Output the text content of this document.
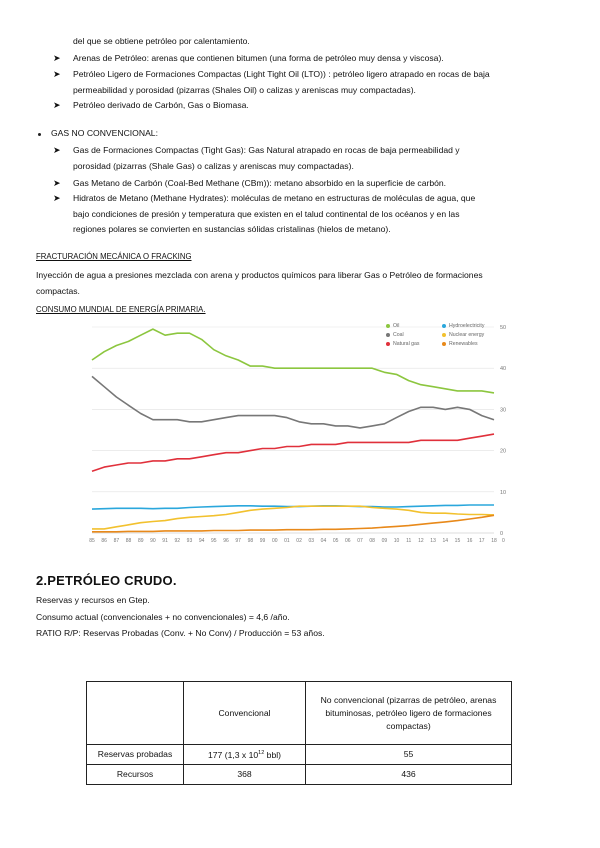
del que se obtiene petróleo por calentamiento.
➤ Arenas de Petróleo: arenas que contienen bitumen (una forma de petróleo muy densa y viscosa).
➤ Petróleo Ligero de Formaciones Compactas (Light Tight Oil (LTO)) : petróleo ligero atrapado en rocas de baja
permeabilidad y porosidad (pizarras (Shales Oil) o calizas y areniscas muy compactadas).
➤ Petróleo derivado de Carbón, Gas o Biomasa.
GAS NO CONVENCIONAL:
➤ Gas de Formaciones Compactas (Tight Gas): Gas Natural atrapado en rocas de baja permeabilidad y
porosidad (pizarras (Shale Gas) o calizas y areniscas muy compactadas).
➤ Gas Metano de Carbón (Coal-Bed Methane (CBm)): metano absorbido en la superficie de carbón.
➤ Hidratos de Metano (Methane Hydrates): moléculas de metano en estructuras de moléculas de agua, que
bajo condiciones de presión y temperatura que existen en el talud continental de los océanos y en las
regiones polares se convierten en sustancias sólidas cristalinas (hielos de metano).
FRACTURACIÓN MECÁNICA O FRACKING
Inyección de agua a presiones mezclada con arena y productos químicos para liberar Gas o Petróleo de formaciones
compactas.
CONSUMO MUNDIAL DE ENERGÍA PRIMARIA.
50
40
30
20
10
0
85 86 87 88 89 90 91 92 93 94 95 96 97 98 99 00 01 02 03 04 05 06 07 08 09 10 11 12 13 14 15 16 17 18 0
Oil	Hydroelectricity
Coal	Nuclear energy
Natural gas	Renewables
2.PETRÓLEO CRUDO.
Reservas y recursos en Gtep.
Consumo actual (convencionales + no convencionales) = 4,6 /año.
RATIO R/P: Reservas Probadas (Conv. + No Conv) / Producción = 53 años.
	Convencional	No convencional (pizarras de petróleo, arenas bituminosas, petróleo ligero de formaciones compactas)
Reservas probadas	177 (1,3 x $10^{12}$ bbl)	55
Recursos	368	436
